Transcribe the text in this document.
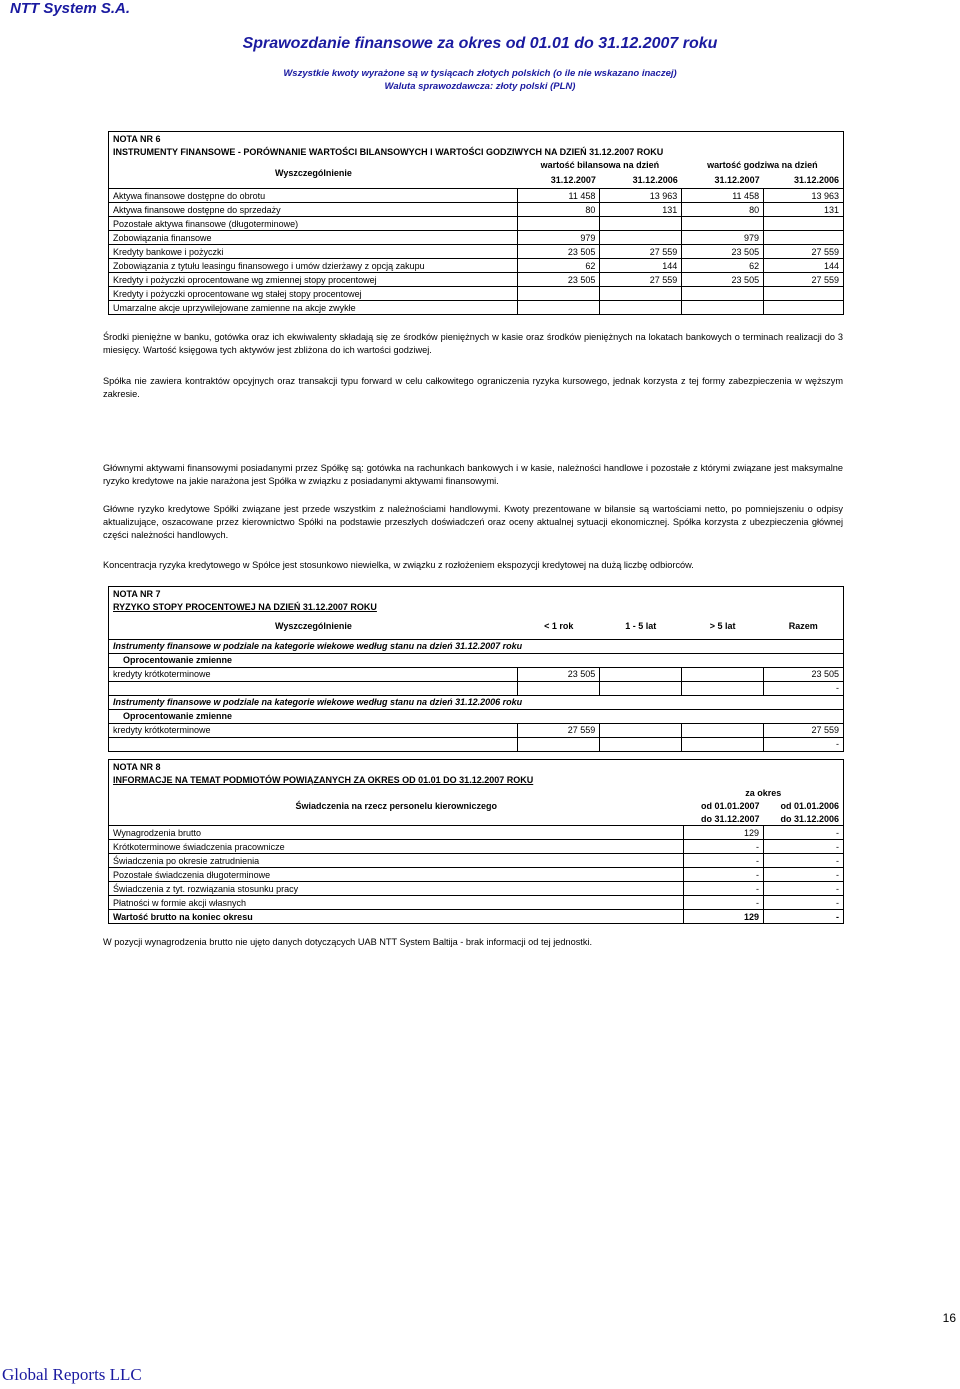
NTT System S.A.
Sprawozdanie finansowe za okres od 01.01 do 31.12.2007 roku
Wszystkie kwoty wyrażone są w tysiącach złotych polskich (o ile nie wskazano inaczej)
Waluta sprawozdawcza: złoty polski (PLN)
NOTA NR 6				
INSTRUMENTY FINANSOWE - PORÓWNANIE WARTOŚCI BILANSOWYCH I WARTOŚCI GODZIWYCH NA DZIEŃ 31.12.2007 ROKU				
Wyszczególnienie	wartość bilansowa na dzień		wartość godziwa na dzień	
	31.12.2007	31.12.2006	31.12.2007	31.12.2006
Aktywa finansowe dostępne do obrotu	11 458	13 963	11 458	13 963
Aktywa finansowe dostępne do sprzedaży	80	131	80	131
Pozostałe aktywa finansowe (długoterminowe)				
Zobowiązania finansowe	979		979	
Kredyty bankowe i pożyczki	23 505	27 559	23 505	27 559
Zobowiązania z tytułu leasingu finansowego i umów dzierżawy z opcją zakupu	62	144	62	144
Kredyty i pożyczki oprocentowane wg zmiennej stopy procentowej	23 505	27 559	23 505	27 559
Kredyty i pożyczki oprocentowane wg stałej stopy procentowej				
Umarzalne akcje uprzywilejowane zamienne na akcje zwykłe				
Środki pieniężne w banku, gotówka oraz ich ekwiwalenty składają się ze środków pieniężnych w kasie oraz środków pieniężnych na lokatach bankowych o terminach realizacji do 3 miesięcy. Wartość księgowa tych aktywów jest zbliżona do ich wartości godziwej.
Spółka nie zawiera kontraktów opcyjnych oraz transakcji typu forward w celu całkowitego ograniczenia ryzyka kursowego, jednak korzysta z tej formy zabezpieczenia w węższym zakresie.
Głównymi aktywami finansowymi posiadanymi przez Spółkę są: gotówka na rachunkach bankowych i w kasie, należności handlowe i pozostałe z którymi związane jest maksymalne ryzyko kredytowe na jakie narażona jest Spółka w związku z posiadanymi aktywami finansowymi.
Główne ryzyko kredytowe Spółki związane jest przede wszystkim z należnościami handlowymi. Kwoty prezentowane w bilansie są wartościami netto, po pomniejszeniu o odpisy aktualizujące, oszacowane przez kierownictwo Spółki na podstawie przeszłych doświadczeń oraz oceny aktualnej sytuacji ekonomicznej. Spółka korzysta z ubezpieczenia głównej części należności handlowych.
Koncentracja ryzyka kredytowego w Spółce jest stosunkowo niewielka, w związku z rozłożeniem ekspozycji kredytowej na dużą liczbę odbiorców.
NOTA NR 7				
RYZYKO STOPY PROCENTOWEJ NA DZIEŃ 31.12.2007 ROKU				
Wyszczególnienie	< 1 rok	1 - 5 lat	> 5 lat	Razem
Instrumenty finansowe w podziale na kategorie wiekowe według stanu na dzień 31.12.2007 roku				
Oprocentowanie zmienne				
kredyty krótkoterminowe	23 505			23 505
				-
Instrumenty finansowe w podziale na kategorie wiekowe według stanu na dzień 31.12.2006 roku				
Oprocentowanie zmienne				
kredyty krótkoterminowe	27 559			27 559
				-
NOTA NR 8		
INFORMACJE NA TEMAT PODMIOTÓW POWIĄZANYCH ZA OKRES OD 01.01 DO 31.12.2007 ROKU		
Świadczenia na rzecz personelu kierowniczego	za okres	
	od 01.01.2007	od 01.01.2006
	do 31.12.2007	do 31.12.2006
Wynagrodzenia brutto	129	-
Krótkoterminowe świadczenia pracownicze	-	-
Świadczenia po okresie zatrudnienia	-	-
Pozostałe świadczenia długoterminowe	-	-
Świadczenia z tyt. rozwiązania stosunku pracy	-	-
Płatności w formie akcji własnych	-	-
Wartość brutto na koniec okresu	129	-
W pozycji wynagrodzenia brutto nie ujęto danych dotyczących UAB NTT System Baltija - brak informacji od tej jednostki.
16
Global Reports LLC
